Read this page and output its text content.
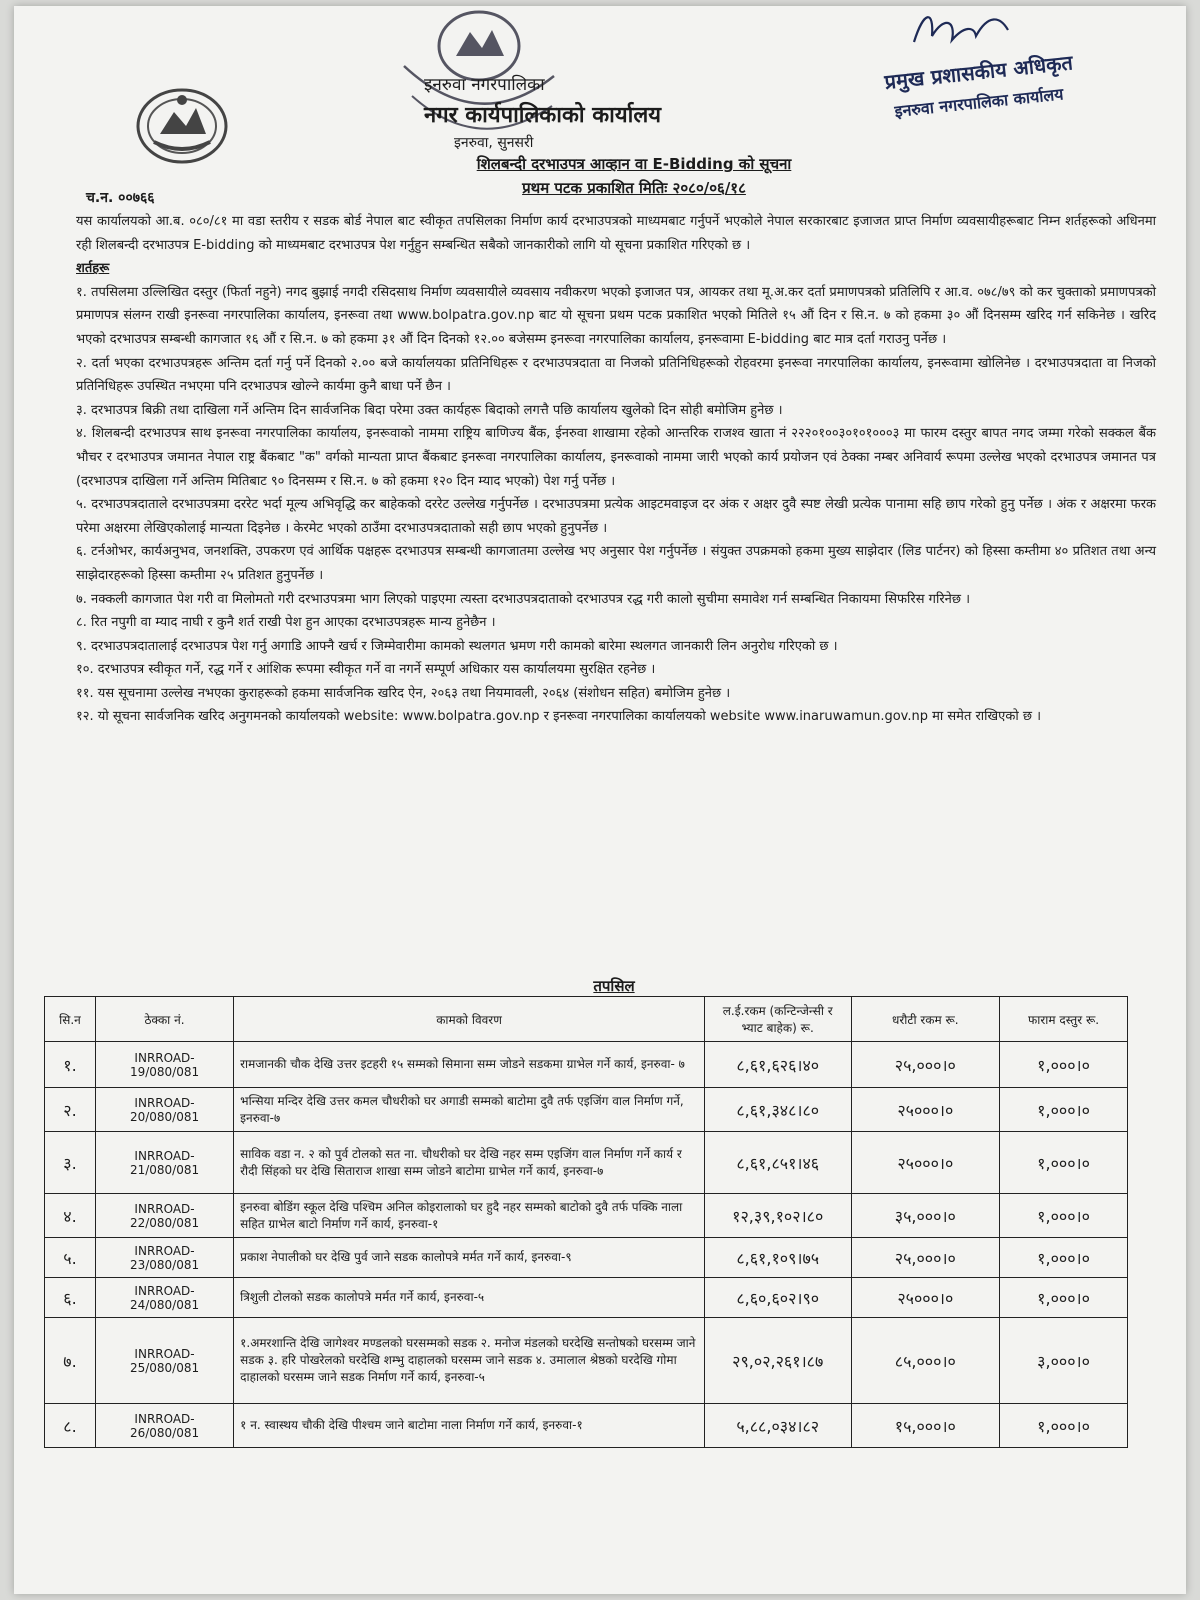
इनरुवा नगरपालिका
नगर कार्यपालिकाको कार्यालय
इनरुवा, सुनसरी
प्रमुख प्रशासकीय अधिकृत
इनरुवा नगरपालिका कार्यालय
शिलबन्दी दरभाउपत्र आव्हान वा E-Bidding को सूचना
प्रथम पटक प्रकाशित मितिः २०८०/०६/१८
च.न. ००७६६

यस कार्यालयको आ.ब. ०८०/८१ मा वडा स्तरीय र सडक बोर्ड नेपाल बाट स्वीकृत तपसिलका निर्माण कार्य दरभाउपत्रको माध्यमबाट गर्नुपर्ने भएकोले नेपाल सरकारबाट इजाजत प्राप्त निर्माण व्यवसायीहरूबाट निम्न शर्तहरूको अधिनमा रही शिलबन्दी दरभाउपत्र E-bidding को माध्यमबाट दरभाउपत्र पेश गर्नुहुन सम्बन्धित सबैको जानकारीको लागि यो सूचना प्रकाशित गरिएको छ ।

शर्तहरू

१. तपसिलमा उल्लिखित दस्तुर (फिर्ता नहुने) नगद बुझाई नगदी रसिदसाथ निर्माण व्यवसायीले व्यवसाय नवीकरण भएको इजाजत पत्र, आयकर तथा मू.अ.कर दर्ता प्रमाणपत्रको प्रतिलिपि र आ.व. ०७८/७९ को कर चुक्ताको प्रमाणपत्रको प्रमाणपत्र संलग्न राखी इनरूवा नगरपालिका कार्यालय, इनरूवा तथा www.bolpatra.gov.np बाट यो सूचना प्रथम पटक प्रकाशित भएको मितिले १५ औं दिन र सि.न. ७ को हकमा ३० औं दिनसम्म खरिद गर्न सकिनेछ । खरिद भएको दरभाउपत्र सम्बन्धी कागजात १६ औं र सि.न. ७ को हकमा ३१ औं दिन दिनको १२.०० बजेसम्म इनरूवा नगरपालिका कार्यालय, इनरूवामा E-bidding बाट मात्र दर्ता गराउनु पर्नेछ ।

२. दर्ता भएका दरभाउपत्रहरू अन्तिम दर्ता गर्नु पर्ने दिनको २.०० बजे कार्यालयका प्रतिनिधिहरू र दरभाउपत्रदाता वा निजको प्रतिनिधिहरूको रोहवरमा इनरूवा नगरपालिका कार्यालय, इनरूवामा खोलिनेछ । दरभाउपत्रदाता वा निजको प्रतिनिधिहरू उपस्थित नभएमा पनि दरभाउपत्र खोल्ने कार्यमा कुनै बाधा पर्ने छैन ।

३. दरभाउपत्र बिक्री तथा दाखिला गर्ने अन्तिम दिन सार्वजनिक बिदा परेमा उक्त कार्यहरू बिदाको लगत्तै पछि कार्यालय खुलेको दिन सोही बमोजिम हुनेछ ।

४. शिलबन्दी दरभाउपत्र साथ इनरूवा नगरपालिका कार्यालय, इनरूवाको नाममा राष्ट्रिय बाणिज्य बैंक, ईनरुवा शाखामा रहेको आन्तरिक राजश्व खाता नं २२२०१००३०१०१०००३ मा फारम दस्तुर बापत नगद जम्मा गरेको सक्कल बैंक भौचर र दरभाउपत्र जमानत नेपाल राष्ट्र बैंकबाट "क" वर्गको मान्यता प्राप्त बैंकबाट इनरूवा नगरपालिका कार्यालय, इनरूवाको नाममा जारी भएको कार्य प्रयोजन एवं ठेक्का नम्बर अनिवार्य रूपमा उल्लेख भएको दरभाउपत्र जमानत पत्र (दरभाउपत्र दाखिला गर्ने अन्तिम मितिबाट ९० दिनसम्म र सि.न. ७ को हकमा १२० दिन म्याद भएको) पेश गर्नु पर्नेछ ।

५. दरभाउपत्रदाताले दरभाउपत्रमा दररेट भर्दा मूल्य अभिवृद्धि कर बाहेकको दररेट उल्लेख गर्नुपर्नेछ । दरभाउपत्रमा प्रत्येक आइटमवाइज दर अंक र अक्षर दुवै स्पष्ट लेखी प्रत्येक पानामा सहि छाप गरेको हुनु पर्नेछ । अंक र अक्षरमा फरक परेमा अक्षरमा लेखिएकोलाई मान्यता दिइनेछ । केरमेट भएको ठाउँमा दरभाउपत्रदाताको सही छाप भएको हुनुपर्नेछ ।

६. टर्नओभर, कार्यअनुभव, जनशक्ति, उपकरण एवं आर्थिक पक्षहरू दरभाउपत्र सम्बन्धी कागजातमा उल्लेख भए अनुसार पेश गर्नुपर्नेछ । संयुक्त उपक्रमको हकमा मुख्य साझेदार (लिड पार्टनर) को हिस्सा कम्तीमा ४० प्रतिशत तथा अन्य साझेदारहरूको हिस्सा कम्तीमा २५ प्रतिशत हुनुपर्नेछ ।

७. नक्कली कागजात पेश गरी वा मिलोमतो गरी दरभाउपत्रमा भाग लिएको पाइएमा त्यस्ता दरभाउपत्रदाताको दरभाउपत्र रद्ध गरी कालो सुचीमा समावेश गर्न सम्बन्धित निकायमा सिफरिस गरिनेछ ।

८. रित नपुगी वा म्याद नाघी र कुनै शर्त राखी पेश हुन आएका दरभाउपत्रहरू मान्य हुनेछैन ।

९. दरभाउपत्रदातालाई दरभाउपत्र पेश गर्नु अगाडि आफ्नै खर्च र जिम्मेवारीमा कामको स्थलगत भ्रमण गरी कामको बारेमा स्थलगत जानकारी लिन अनुरोध गरिएको छ ।

१०. दरभाउपत्र स्वीकृत गर्ने, रद्ध गर्ने र आंशिक रूपमा स्वीकृत गर्ने वा नगर्ने सम्पूर्ण अधिकार यस कार्यालयमा सुरक्षित रहनेछ ।

११. यस सूचनामा उल्लेख नभएका कुराहरूको हकमा सार्वजनिक खरिद ऐन, २०६३ तथा नियमावली, २०६४ (संशोधन सहित) बमोजिम हुनेछ ।

१२. यो सूचना सार्वजनिक खरिद अनुगमनको कार्यालयको website: www.bolpatra.gov.np र इनरूवा नगरपालिका कार्यालयको website www.inaruwamun.gov.np मा समेत राखिएको छ ।

तपसिल
सि.न	ठेक्का नं.	कामको विवरण	ल.ई.रकम (कन्टिन्जेन्सी र भ्याट बाहेक) रू.	धरौटी रकम रू.	फाराम दस्तुर रू.
१.	INRROAD-19/080/081	रामजानकी चौक देखि उत्तर इटहरी १५ सम्मको सिमाना सम्म जोडने सडकमा ग्राभेल गर्ने कार्य, इनरुवा- ७	८,६१,६२६।४०	२५,०००।०	१,०००।०
२.	INRROAD-20/080/081	भन्सिया मन्दिर देखि उत्तर कमल चौधरीको घर अगाडी सम्मको बाटोमा दुवै तर्फ एइजिंग वाल निर्माण गर्ने, इनरुवा-७	८,६१,३४८।८०	२५०००।०	१,०००।०
३.	INRROAD-21/080/081	साविक वडा न. २ को पुर्व टोलको सत ना. चौधरीको घर देखि नहर सम्म एइजिंग वाल निर्माण गर्ने कार्य र रौदी सिंहको घर देखि सिताराज शाखा सम्म जोडने बाटोमा ग्राभेल गर्ने कार्य, इनरुवा-७	८,६१,८५१।४६	२५०००।०	१,०००।०
४.	INRROAD-22/080/081	इनरुवा बोडिंग स्कूल देखि पश्चिम अनिल कोइरालाको घर हुदै नहर सम्मको बाटोको दुवै तर्फ पक्कि नाला सहित ग्राभेल बाटो निर्माण गर्ने कार्य, इनरुवा-१	१२,३९,१०२।८०	३५,०००।०	१,०००।०
५.	INRROAD-23/080/081	प्रकाश नेपालीको घर देखि पुर्व जाने सडक कालोपत्रे मर्मत गर्ने कार्य, इनरुवा-९	८,६१,१०९।७५	२५,०००।०	१,०००।०
६.	INRROAD-24/080/081	त्रिशुली टोलको सडक कालोपत्रे मर्मत गर्ने कार्य, इनरुवा-५	८,६०,६०२।९०	२५०००।०	१,०००।०
७.	INRROAD-25/080/081	१.अमरशान्ति देखि जागेश्वर मण्डलको घरसम्मको सडक २. मनोज मंडलको घरदेखि सन्तोषको घरसम्म जाने सडक ३. हरि पोखरेलको घरदेखि शम्भु दाहालको घरसम्म जाने सडक ४. उमालाल श्रेष्ठको घरदेखि गोमा दाहालको घरसम्म जाने सडक निर्माण गर्ने कार्य, इनरुवा-५	२९,०२,२६१।८७	८५,०००।०	३,०००।०
८.	INRROAD-26/080/081	१ न. स्वास्थय चौकी देखि पीश्चम जाने बाटोमा नाला निर्माण गर्ने कार्य, इनरुवा-१	५,८८,०३४।८२	१५,०००।०	१,०००।०
